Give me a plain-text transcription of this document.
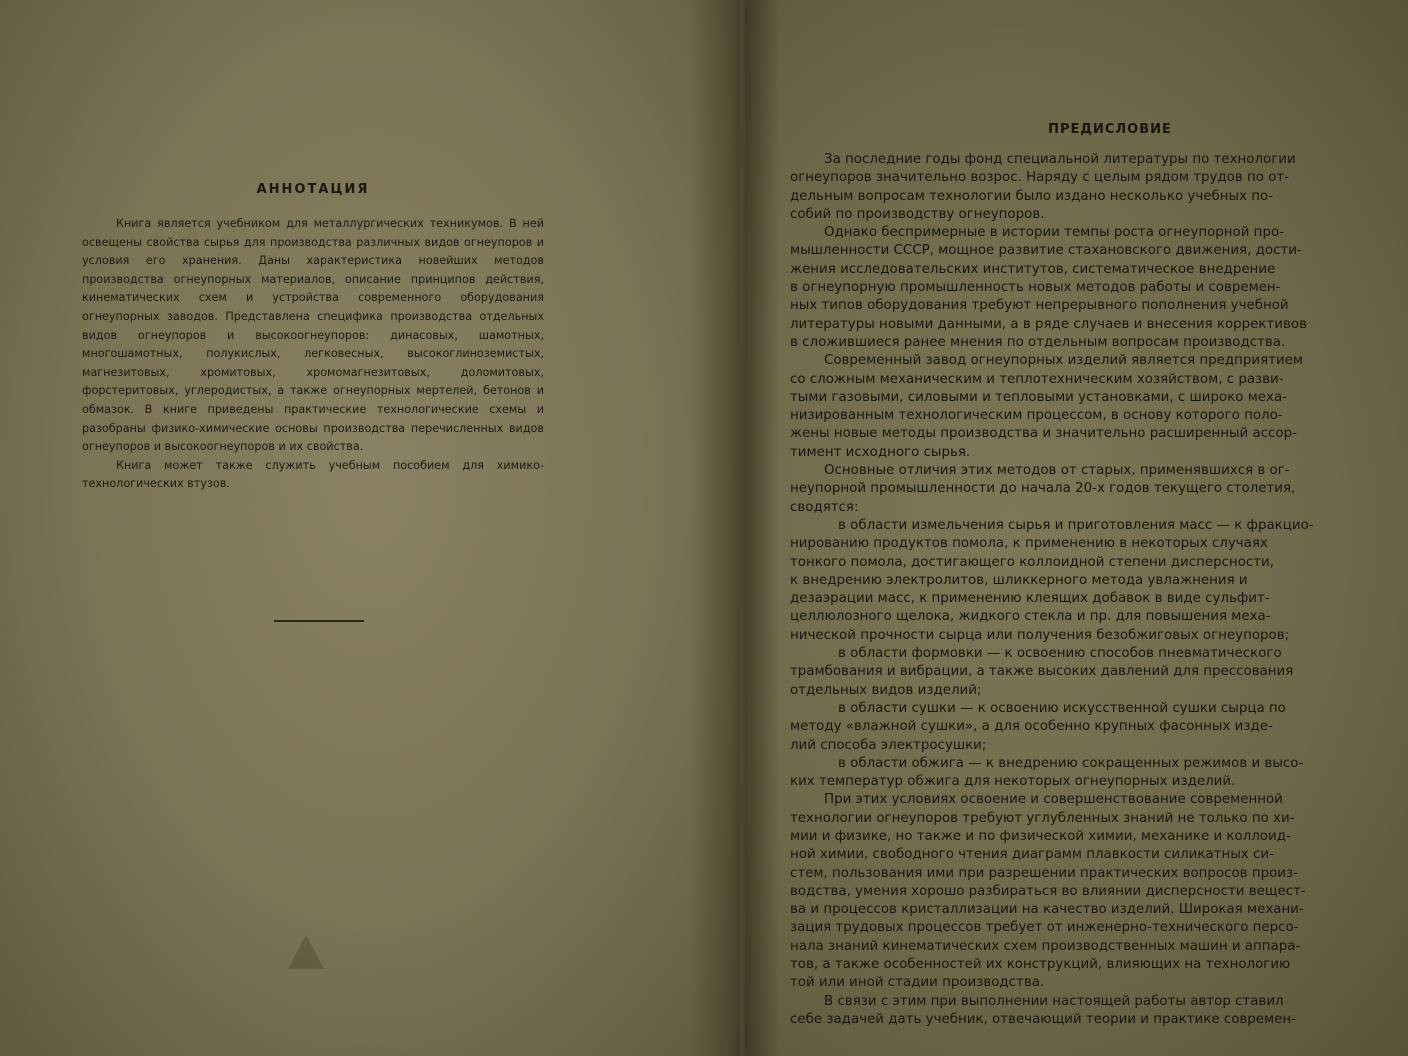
АННОТАЦИЯ

Книга является учебником для металлургических техникумов. В ней освещены свойства сырья для производства различных видов огнеупоров и условия его хранения. Даны характеристика новейших методов производства огнеупорных материалов, описание принципов действия, кинематических схем и устройства современного оборудования огнеупорных заводов. Представлена специфика производства отдельных видов огнеупоров и высокоогнеупоров: динасовых, шамотных, многошамотных, полукислых, легковесных, высокоглиноземистых, магнезитовых, хромитовых, хромомагнезитовых, доломитовых, форстеритовых, углеродистых, а также огнеупорных мертелей, бетонов и обмазок. В книге приведены практические технологические схемы и разобраны физико-химические основы производства перечисленных видов огнеупоров и высокоогнеупоров и их свойства.

Книга может также служить учебным пособием для химико-технологических втузов.

ПРЕДИСЛОВИЕ
За последние годы фонд специальной литературы по технологии
огнеупоров значительно возрос. Наряду с целым рядом трудов по от-
дельным вопросам технологии было издано несколько учебных по-
собий по производству огнеупоров.
Однако беспримерные в истории темпы роста огнеупорной про-
мышленности СССР, мощное развитие стахановского движения, дости-
жения исследовательских институтов, систематическое внедрение
в огнеупорную промышленность новых методов работы и современ-
ных типов оборудования требуют непрерывного пополнения учебной
литературы новыми данными, а в ряде случаев и внесения коррективов
в сложившиеся ранее мнения по отдельным вопросам производства.
Современный завод огнеупорных изделий является предприятием
со сложным механическим и теплотехническим хозяйством, с разви-
тыми газовыми, силовыми и тепловыми установками, с широко меха-
низированным технологическим процессом, в основу которого поло-
жены новые методы производства и значительно расширенный ассор-
тимент исходного сырья.
Основные отличия этих методов от старых, применявшихся в ог-
неупорной промышленности до начала 20-х годов текущего столетия,
сводятся:
в области измельчения сырья и приготовления масс — к фракцио-
нированию продуктов помола, к применению в некоторых случаях
тонкого помола, достигающего коллоидной степени дисперсности,
к внедрению электролитов, шликкерного метода увлажнения и
дезаэрации масс, к применению клеящих добавок в виде сульфит-
целлюлозного щелока, жидкого стекла и пр. для повышения меха-
нической прочности сырца или получения безобжиговых огнеупоров;
в области формовки — к освоению способов пневматического
трамбования и вибрации, а также высоких давлений для прессования
отдельных видов изделий;
в области сушки — к освоению искусственной сушки сырца по
методу «влажной сушки», а для особенно крупных фасонных изде-
лий способа электросушки;
в области обжига — к внедрению сокращенных режимов и высо-
ких температур обжига для некоторых огнеупорных изделий.
При этих условиях освоение и совершенствование современной
технологии огнеупоров требуют углубленных знаний не только по хи-
мии и физике, но также и по физической химии, механике и коллоид-
ной химии, свободного чтения диаграмм плавкости силикатных си-
стем, пользования ими при разрешении практических вопросов произ-
водства, умения хорошо разбираться во влиянии дисперсности вещест-
ва и процессов кристаллизации на качество изделий. Широкая механи-
зация трудовых процессов требует от инженерно-технического персо-
нала знаний кинематических схем производственных машин и аппара-
тов, а также особенностей их конструкций, влияющих на технологию
той или иной стадии производства.
В связи с этим при выполнении настоящей работы автор ставил
себе задачей дать учебник, отвечающий теории и практике современ-
